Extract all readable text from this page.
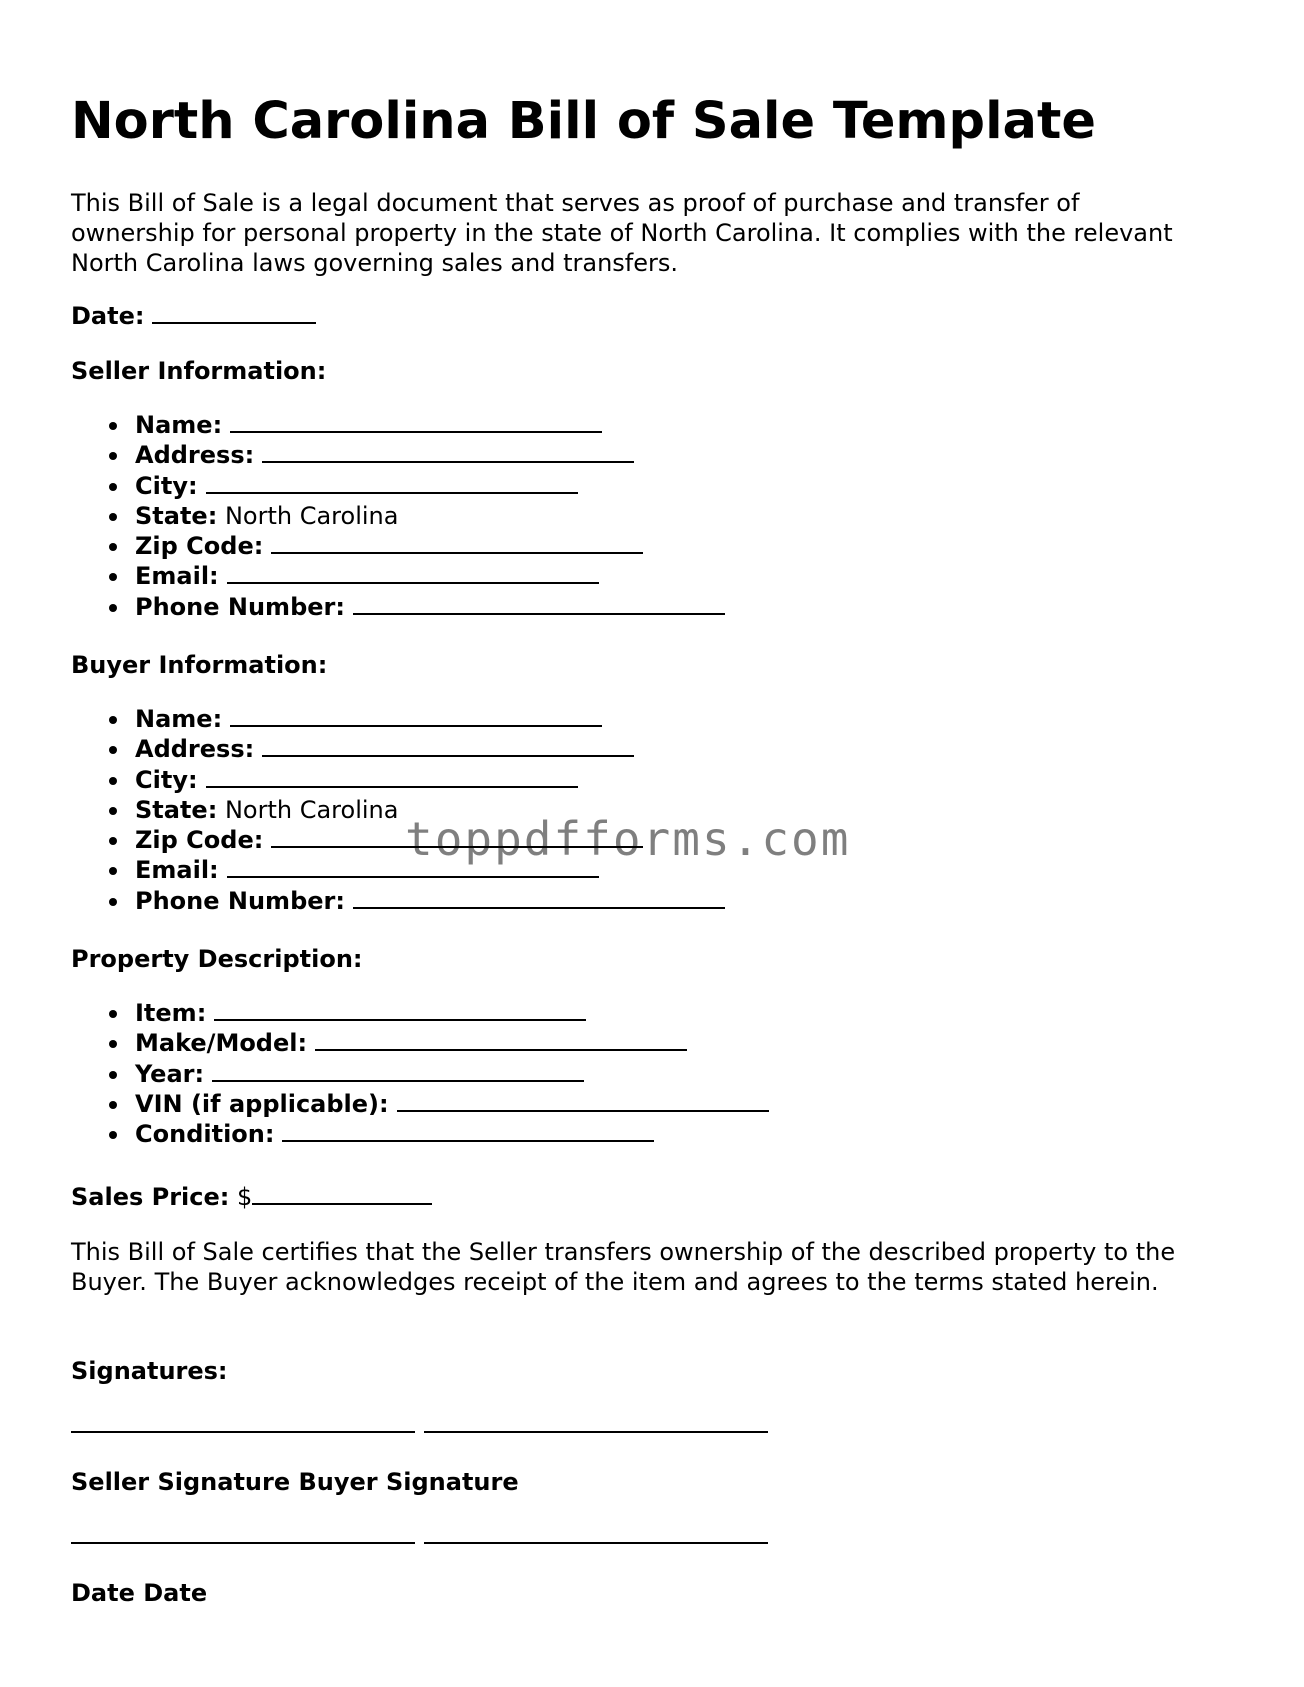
North Carolina Bill of Sale Template

This Bill of Sale is a legal document that serves as proof of purchase and transfer of ownership for personal property in the state of North Carolina. It complies with the relevant North Carolina laws governing sales and transfers.

Date:
Seller Information:
Name:
Address:
City:
State: North Carolina
Zip Code:
Email:
Phone Number:
Buyer Information:
Name:
Address:
City:
State: North Carolina
Zip Code:
Email:
Phone Number:
Property Description:
Item:
Make/Model:
Year:
VIN (if applicable):
Condition:
Sales Price: $

This Bill of Sale certifies that the Seller transfers ownership of the described property to the Buyer. The Buyer acknowledges receipt of the item and agrees to the terms stated herein.

Signatures:
Seller Signature Buyer Signature
Date Date
toppdfforms.com
